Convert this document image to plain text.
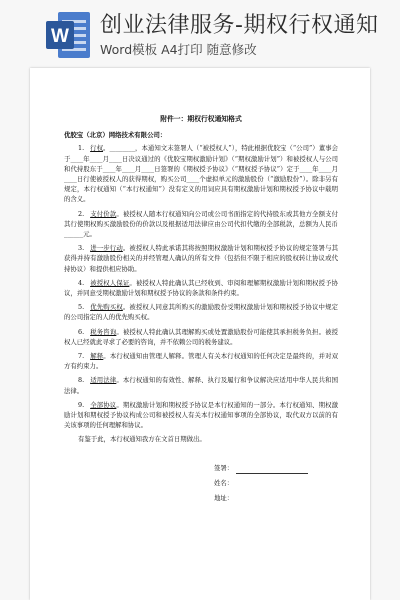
W 创业法律服务-期权行权通知
Word模板 A4打印 随意修改
附件一：期权行权通知格式
优胶宝（北京）网络技术有限公司：
1. 行权。________，本通知文末签署人（“被授权人”），特此根据优胶宝（“公司”）董事会于____年____月____日决议通过的《优胶宝期权激励计划》（“期权激励计划”）和被授权人与公司和代持股东于____年____月____日签署的《期权授予协议》（“期权授予协议”）定于____年____月____日行使被授权人的获得期权，购买公司____个虚拟单元的激励股份（“激励股份”）。除非另有规定，本行权通知（“本行权通知”）没有定义的用词应具有期权激励计划和期权授予协议中载明的含义。
2. 支付价款。被授权人随本行权通知向公司或公司书面指定的代持股东或其他方全额支付其行使期权购买激励股份的价款以及根据适用法律应由公司代扣代缴的全部税款，总额为人民币______元。
3. 进一步行动。被授权人特此承诺其将按照期权激励计划和期权授予协议的规定签署与其获得并持有激励股份相关的并经管理人确认的所有文件（包括但不限于相应的股权转让协议或代持协议）和提供相应协助。
4. 被授权人保证。被授权人特此确认其已经收到、审阅和理解期权激励计划和期权授予协议，并同意受期权激励计划和期权授予协议的条款和条件约束。
5. 优先购买权。被授权人同意其所购买的激励股份受期权激励计划和期权授予协议中规定的公司指定的人的优先购买权。
6. 税务咨询。被授权人特此确认其理解购买或处置激励股份可能使其承担税务负担。被授权人已经就此寻求了必要的咨询，并不依赖公司的税务建议。
7. 解释。本行权通知由管理人解释。管理人有关本行权通知的任何决定是最终的，并对双方有约束力。
8. 适用法律。本行权通知的有效性、解释、执行及履行和争议解决应适用中华人民共和国法律。
9. 全部协议。期权激励计划和期权授予协议是本行权通知的一部分。本行权通知、期权激励计划和期权授予协议构成公司和被授权人有关本行权通知事项的全部协议，取代双方以前的有关该事项的任何理解和协议。
有鉴于此，本行权通知我方在文首日期做出。
签署：
姓名：
地址：
